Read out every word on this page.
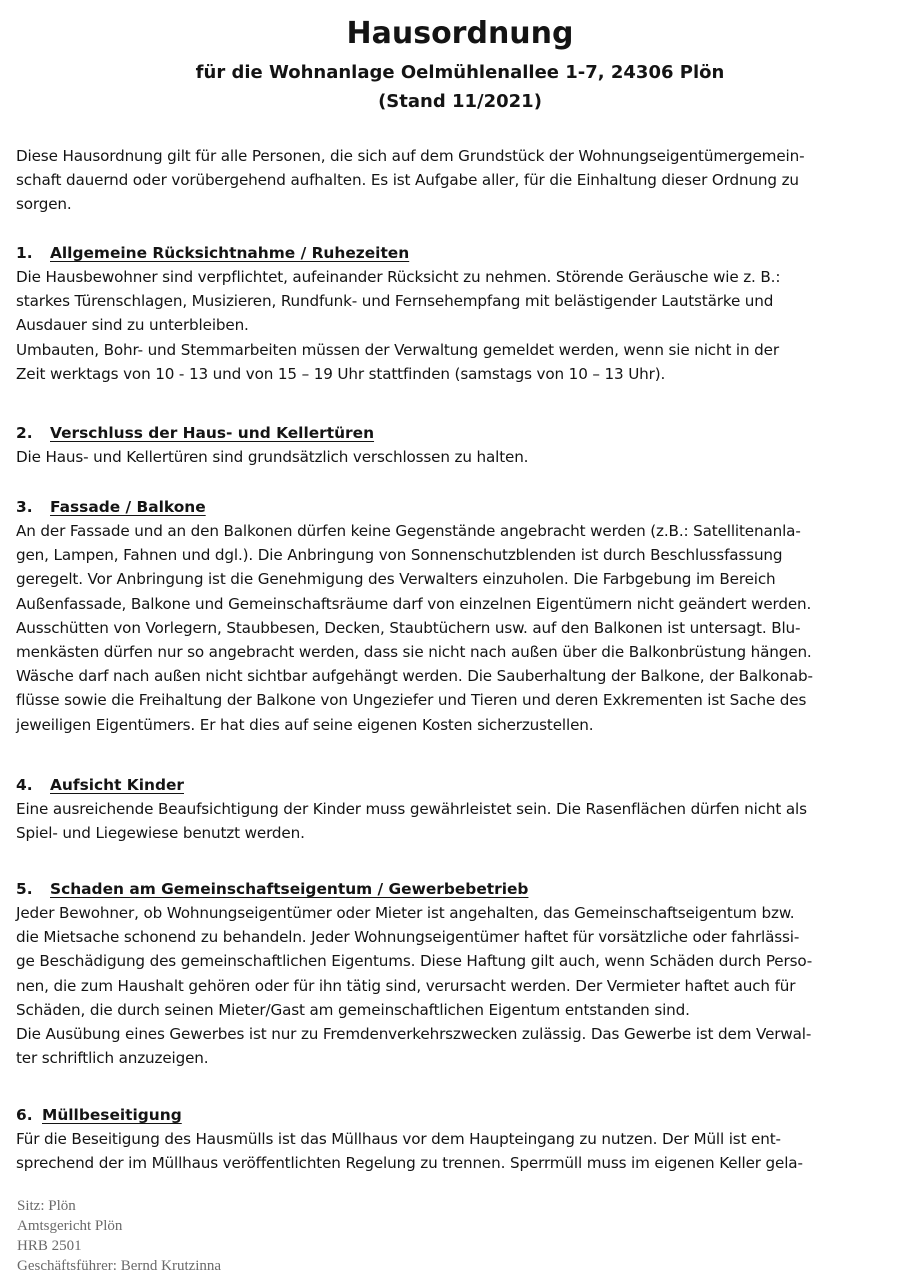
Hausordnung
für die Wohnanlage Oelmühlenallee 1-7, 24306 Plön
(Stand 11/2021)
Diese Hausordnung gilt für alle Personen, die sich auf dem Grundstück der Wohnungseigentümergemein-
schaft dauernd oder vorübergehend aufhalten. Es ist Aufgabe aller, für die Einhaltung dieser Ordnung zu
sorgen.
1. Allgemeine Rücksichtnahme / Ruhezeiten
Die Hausbewohner sind verpflichtet, aufeinander Rücksicht zu nehmen. Störende Geräusche wie z. B.:
starkes Türenschlagen, Musizieren, Rundfunk- und Fernsehempfang mit belästigender Lautstärke und
Ausdauer sind zu unterbleiben.
Umbauten, Bohr- und Stemmarbeiten müssen der Verwaltung gemeldet werden, wenn sie nicht in der
Zeit werktags von 10 - 13 und von 15 – 19 Uhr stattfinden (samstags von 10 – 13 Uhr).
2. Verschluss der Haus- und Kellertüren
Die Haus- und Kellertüren sind grundsätzlich verschlossen zu halten.
3. Fassade / Balkone
An der Fassade und an den Balkonen dürfen keine Gegenstände angebracht werden (z.B.: Satellitenanla-
gen, Lampen, Fahnen und dgl.). Die Anbringung von Sonnenschutzblenden ist durch Beschlussfassung
geregelt. Vor Anbringung ist die Genehmigung des Verwalters einzuholen. Die Farbgebung im Bereich
Außenfassade, Balkone und Gemeinschaftsräume darf von einzelnen Eigentümern nicht geändert werden.
Ausschütten von Vorlegern, Staubbesen, Decken, Staubtüchern usw. auf den Balkonen ist untersagt. Blu-
menkästen dürfen nur so angebracht werden, dass sie nicht nach außen über die Balkonbrüstung hängen.
Wäsche darf nach außen nicht sichtbar aufgehängt werden. Die Sauberhaltung der Balkone, der Balkonab-
flüsse sowie die Freihaltung der Balkone von Ungeziefer und Tieren und deren Exkrementen ist Sache des
jeweiligen Eigentümers. Er hat dies auf seine eigenen Kosten sicherzustellen.
4. Aufsicht Kinder
Eine ausreichende Beaufsichtigung der Kinder muss gewährleistet sein. Die Rasenflächen dürfen nicht als
Spiel- und Liegewiese benutzt werden.
5. Schaden am Gemeinschaftseigentum / Gewerbebetrieb
Jeder Bewohner, ob Wohnungseigentümer oder Mieter ist angehalten, das Gemeinschaftseigentum bzw.
die Mietsache schonend zu behandeln. Jeder Wohnungseigentümer haftet für vorsätzliche oder fahrlässi-
ge Beschädigung des gemeinschaftlichen Eigentums. Diese Haftung gilt auch, wenn Schäden durch Perso-
nen, die zum Haushalt gehören oder für ihn tätig sind, verursacht werden. Der Vermieter haftet auch für
Schäden, die durch seinen Mieter/Gast am gemeinschaftlichen Eigentum entstanden sind.
Die Ausübung eines Gewerbes ist nur zu Fremdenverkehrszwecken zulässig. Das Gewerbe ist dem Verwal-
ter schriftlich anzuzeigen.
6. Müllbeseitigung
Für die Beseitigung des Hausmülls ist das Müllhaus vor dem Haupteingang zu nutzen. Der Müll ist ent-
sprechend der im Müllhaus veröffentlichten Regelung zu trennen. Sperrmüll muss im eigenen Keller gela-
Sitz: Plön
Amtsgericht Plön
HRB 2501
Geschäftsführer: Bernd Krutzinna
